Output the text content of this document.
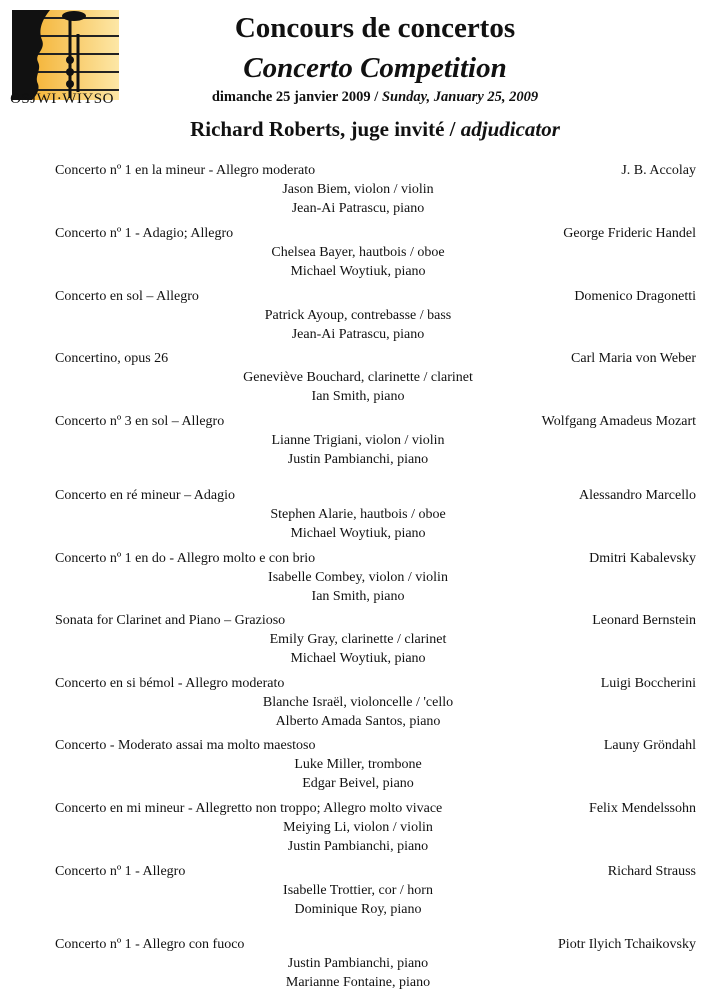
OSJWI·WIYSO
Concours de concertos
Concerto Competition
dimanche 25 janvier 2009 / Sunday, January 25, 2009
Richard Roberts, juge invité / adjudicator
Concerto nº 1 en la mineur - Allegro moderato	J. B. Accolay
Jason Biem, violon / violin
Jean-Ai Patrascu, piano
Concerto nº 1 - Adagio; Allegro	George Frideric Handel
Chelsea Bayer, hautbois / oboe
Michael Woytiuk, piano
Concerto en sol – Allegro	Domenico Dragonetti
Patrick Ayoup, contrebasse / bass
Jean-Ai Patrascu, piano
Concertino, opus 26	Carl Maria von Weber
Geneviève Bouchard, clarinette / clarinet
Ian Smith, piano
Concerto nº 3 en sol – Allegro	Wolfgang Amadeus Mozart
Lianne Trigiani, violon / violin
Justin Pambianchi, piano
Concerto en ré mineur – Adagio	Alessandro Marcello
Stephen Alarie, hautbois / oboe
Michael Woytiuk, piano
Concerto nº 1 en do - Allegro molto e con brio	Dmitri Kabalevsky
Isabelle Combey, violon / violin
Ian Smith, piano
Sonata for Clarinet and Piano – Grazioso	Leonard Bernstein
Emily Gray, clarinette / clarinet
Michael Woytiuk, piano
Concerto en si bémol - Allegro moderato	Luigi Boccherini
Blanche Israël, violoncelle / 'cello
Alberto Amada Santos, piano
Concerto - Moderato assai ma molto maestoso	Launy Gröndahl
Luke Miller, trombone
Edgar Beivel, piano
Concerto en mi mineur - Allegretto non troppo; Allegro molto vivace	Felix Mendelssohn
Meiying Li, violon / violin
Justin Pambianchi, piano
Concerto nº 1 - Allegro	Richard Strauss
Isabelle Trottier, cor / horn
Dominique Roy, piano
Concerto nº 1 - Allegro con fuoco	Piotr Ilyich Tchaikovsky
Justin Pambianchi, piano
Marianne Fontaine, piano
